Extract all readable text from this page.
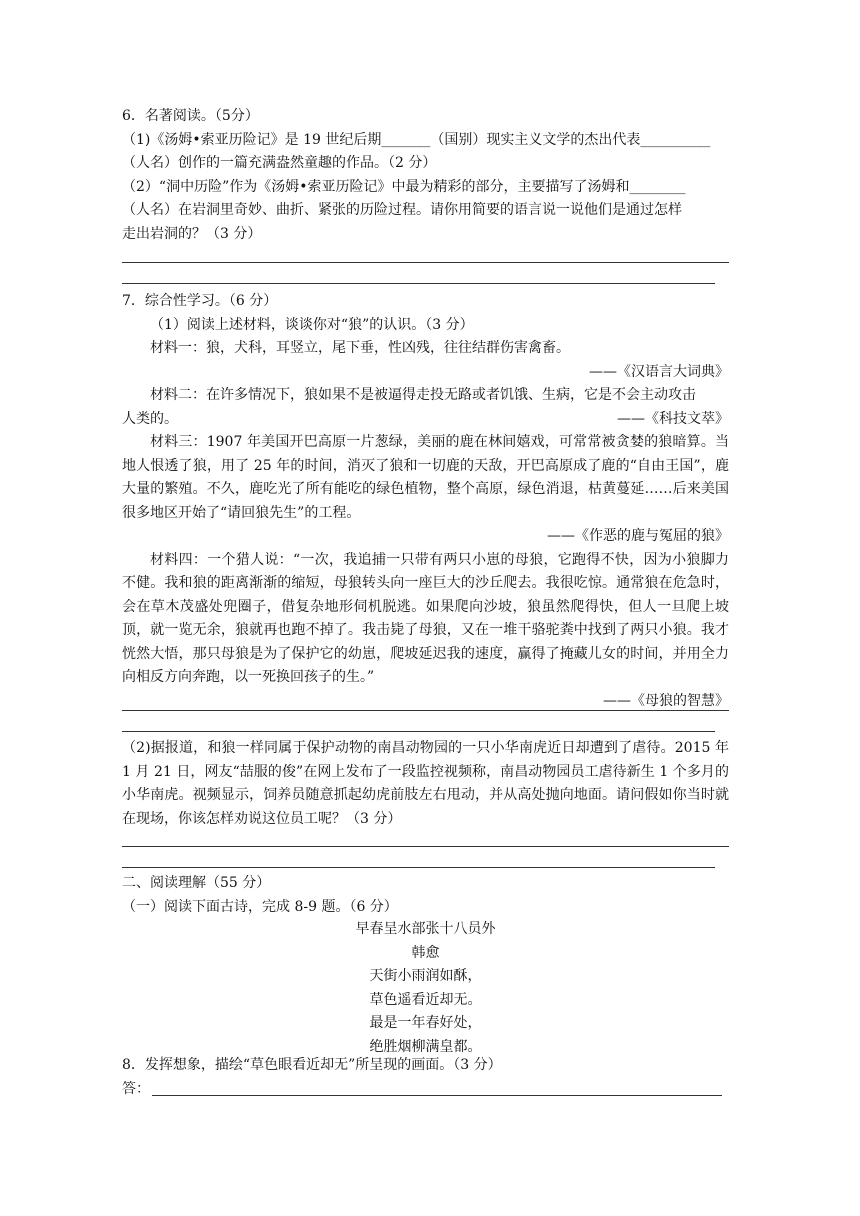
6．名著阅读。（5分）

（1)《汤姆•索亚历险记》是 19 世纪后期_______（国别）现实主义文学的杰出代表__________

（人名）创作的一篇充满盎然童趣的作品。（2 分）

（2）“洞中历险”作为《汤姆•索亚历险记》中最为精彩的部分，主要描写了汤姆和________

（人名）在岩洞里奇妙、曲折、紧张的历险过程。请你用简要的语言说一说他们是通过怎样

走出岩洞的？（3 分）

7．综合性学习。（6 分）

（1）阅读上述材料，谈谈你对“狼”的认识。（3 分）

材料一：狼，犬科，耳竖立，尾下垂，性凶残，往往结群伤害禽畜。

——《汉语言大词典》

材料二：在许多情况下，狼如果不是被逼得走投无路或者饥饿、生病，它是不会主动攻击

人类的。	——《科技文萃》

材料三：1907 年美国开巴高原一片葱绿，美丽的鹿在林间嬉戏，可常常被贪婪的狼暗算。当地人恨透了狼，用了 25 年的时间，消灭了狼和一切鹿的天敌，开巴高原成了鹿的“自由王国”，鹿大量的繁殖。不久，鹿吃光了所有能吃的绿色植物，整个高原，绿色消退，枯黄蔓延……后来美国很多地区开始了“请回狼先生”的工程。

——《作恶的鹿与冤屈的狼》

材料四：一个猎人说：“一次，我追捕一只带有两只小崽的母狼，它跑得不快，因为小狼脚力不健。我和狼的距离渐渐的缩短，母狼转头向一座巨大的沙丘爬去。我很吃惊。通常狼在危急时，会在草木茂盛处兜圈子，借复杂地形伺机脱逃。如果爬向沙坡，狼虽然爬得快，但人一旦爬上坡顶，就一览无余，狼就再也跑不掉了。我击毙了母狼，又在一堆干骆驼粪中找到了两只小狼。我才恍然大悟，那只母狼是为了保护它的幼崽，爬坡延迟我的速度，赢得了掩藏儿女的时间，并用全力向相反方向奔跑，以一死换回孩子的生。”

——《母狼的智慧》

（2)据报道，和狼一样同属于保护动物的南昌动物园的一只小华南虎近日却遭到了虐待。2015 年 1 月 21 日，网友“喆服的俊”在网上发布了一段监控视频称，南昌动物园员工虐待新生 1 个多月的小华南虎。视频显示，饲养员随意抓起幼虎前肢左右甩动，并从高处抛向地面。请问假如你当时就在现场，你该怎样劝说这位员工呢？（3 分）

二、阅读理解（55 分）

（一）阅读下面古诗，完成 8-9 题。（6 分）

早春呈水部张十八员外

韩愈

天街小雨润如酥，

草色遥看近却无。

最是一年春好处，

绝胜烟柳满皇都。

8．发挥想象，描绘“草色眼看近却无”所呈现的画面。（3 分）

答：
